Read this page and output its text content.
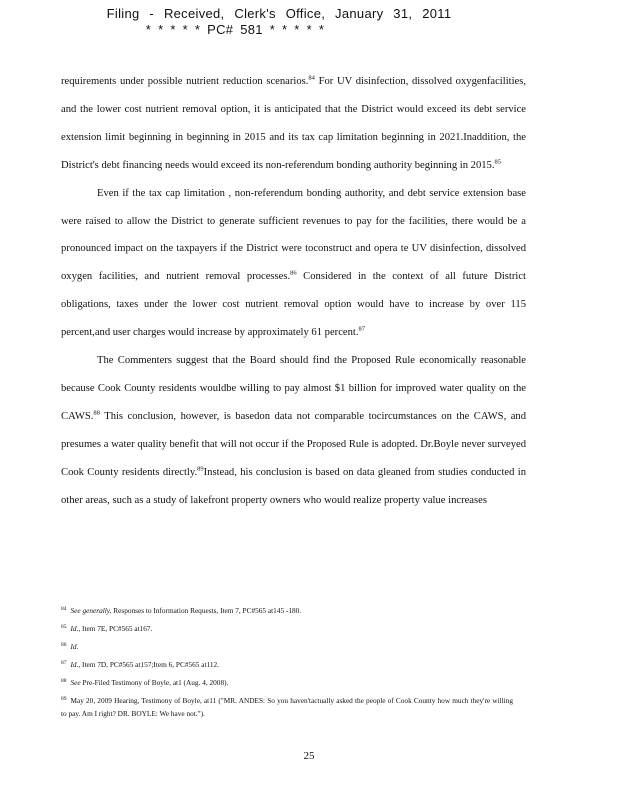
Filing - Received, Clerk's Office, January 31, 2011
* * * * * PC# 581 * * * * *

requirements under possible nutrient reduction scenarios.$^{84}$ For UV disinfection, dissolved oxygenfacilities, and the lower cost nutrient removal option, it is anticipated that the District would exceed its debt service extension limit beginning in beginning in 2015 and its tax cap limitation beginning in 2021.Inaddition, the District's debt financing needs would exceed its non-referendum bonding authority beginning in 2015.85

Even if the tax cap limitation , non-referendum bonding authority, and debt service extension base were raised to allow the District to generate sufficient revenues to pay for the facilities, there would be a pronounced impact on the taxpayers if the District were toconstruct and opera te UV disinfection, dissolved oxygen facilities, and nutrient removal processes.$^{86}$ Considered in the context of all future District obligations, taxes under the lower cost nutrient removal option would have to increase by over 115 percent,and user charges would increase by approximately 61 percent.$^{87}$

The Commenters suggest that the Board should find the Proposed Rule economically reasonable because Cook County residents wouldbe willing to pay almost $1 billion for improved water quality on the CAWS.$^{88}$ This conclusion, however, is basedon data not comparable tocircumstances on the CAWS, and presumes a water quality benefit that will not occur if the Proposed Rule is adopted. Dr.Boyle never surveyed Cook County residents directly.$^{89}$Instead, his conclusion is based on data gleaned from studies conducted in other areas, such as a study of lakefront property owners who would realize property value increases

$^{84}$ See generally, Responses to Information Requests, Item 7, PC#565 at145 -180.

$^{85}$ Id., Item 7E, PC#565 at167.

$^{86}$ Id.

$^{87}$ Id., Item 7D, PC#565 at157;Item 6, PC#565 at112.

$^{88}$ See Pre-Filed Testimony of Boyle, at1 (Aug. 4, 2008).

$^{89}$ May 20, 2009 Hearing, Testimony of Boyle, at11 ("MR. ANDES: So you haven'tactually asked the people of Cook County how much they're willing to pay. Am I right? DR. BOYLE: We have not.").

25
